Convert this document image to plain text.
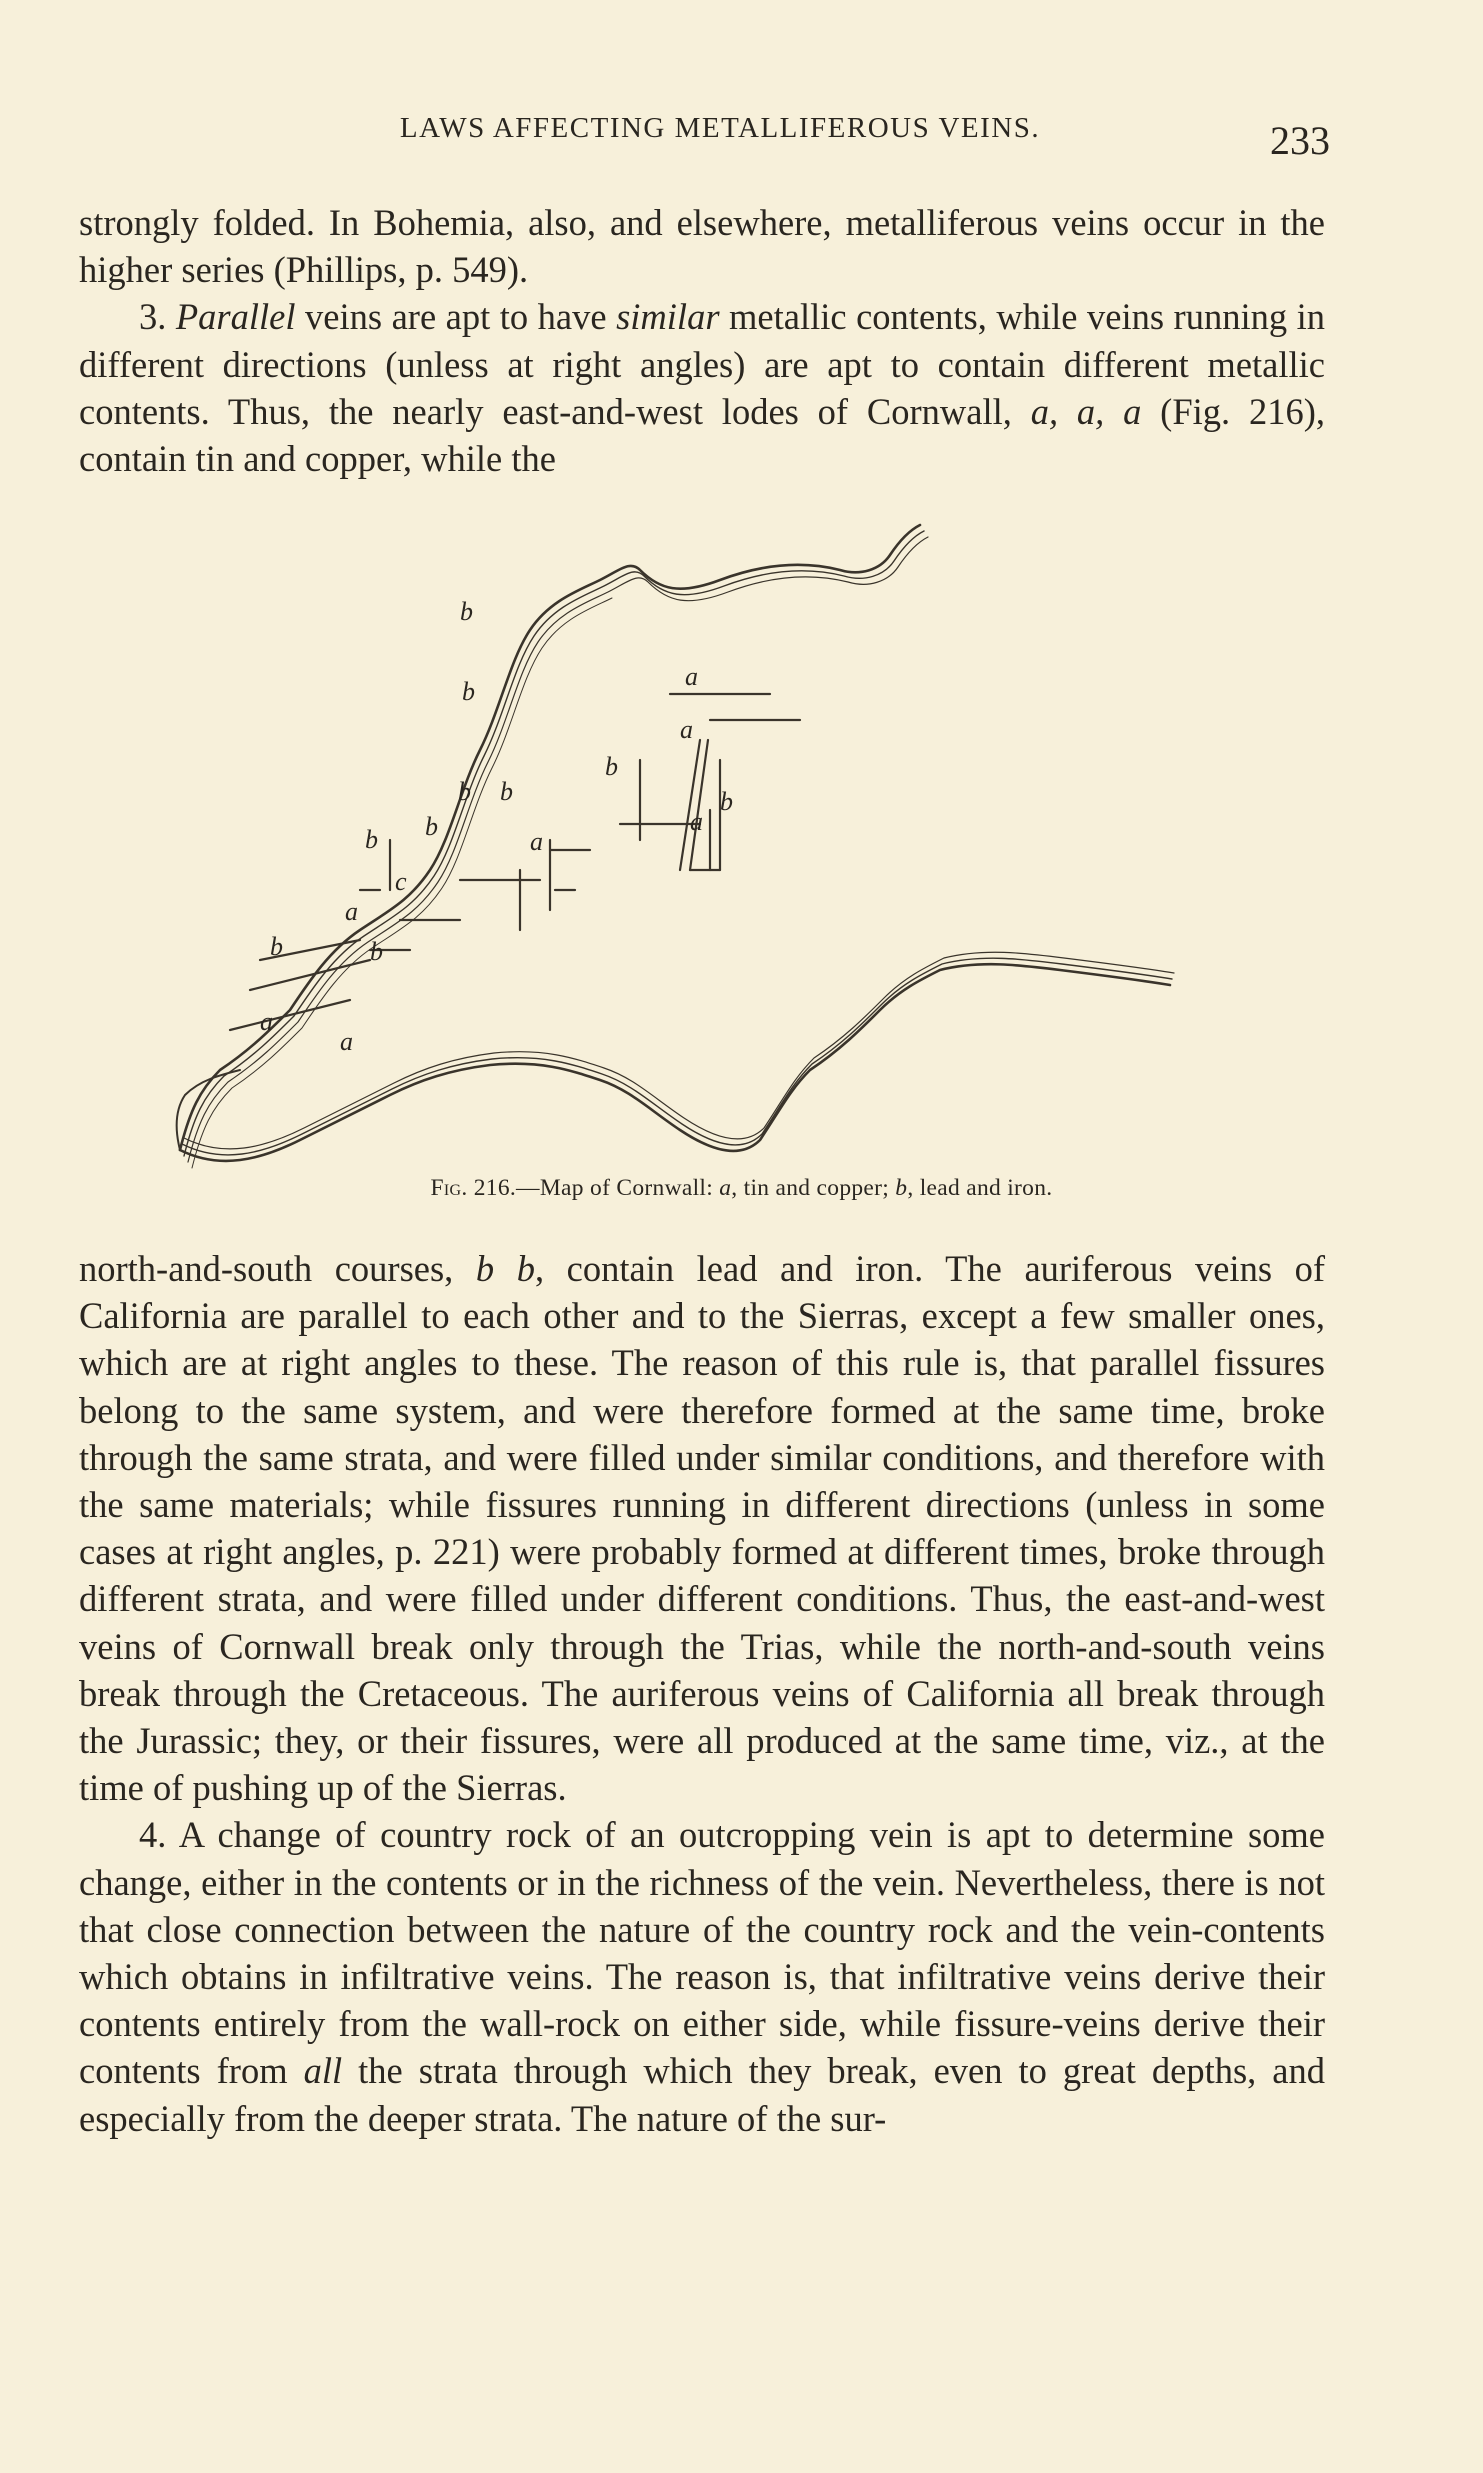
LAWS AFFECTING METALLIFEROUS VEINS.	233

strongly folded. In Bohemia, also, and elsewhere, metalliferous veins occur in the higher series (Phillips, p. 549).

3. Parallel veins are apt to have similar metallic contents, while veins running in different directions (unless at right angles) are apt to contain different metallic contents. Thus, the nearly east-and-west lodes of Cornwall, a, a, a (Fig. 216), contain tin and copper, while the

a
a
b
b
b b
a
b
a
b
b
c
a
b
b
b
a
a
Fig. 216.—Map of Cornwall: a, tin and copper; b, lead and iron.

north-and-south courses, b b, contain lead and iron. The auriferous veins of California are parallel to each other and to the Sierras, except a few smaller ones, which are at right angles to these. The reason of this rule is, that parallel fissures belong to the same system, and were therefore formed at the same time, broke through the same strata, and were filled under similar conditions, and therefore with the same materials; while fissures running in different directions (unless in some cases at right angles, p. 221) were probably formed at different times, broke through different strata, and were filled under different conditions. Thus, the east-and-west veins of Cornwall break only through the Trias, while the north-and-south veins break through the Cretaceous. The auriferous veins of California all break through the Jurassic; they, or their fissures, were all produced at the same time, viz., at the time of pushing up of the Sierras.

4. A change of country rock of an outcropping vein is apt to determine some change, either in the contents or in the richness of the vein. Nevertheless, there is not that close connection between the nature of the country rock and the vein-contents which obtains in infiltrative veins. The reason is, that infiltrative veins derive their contents entirely from the wall-rock on either side, while fissure-veins derive their contents from all the strata through which they break, even to great depths, and especially from the deeper strata. The nature of the sur-
